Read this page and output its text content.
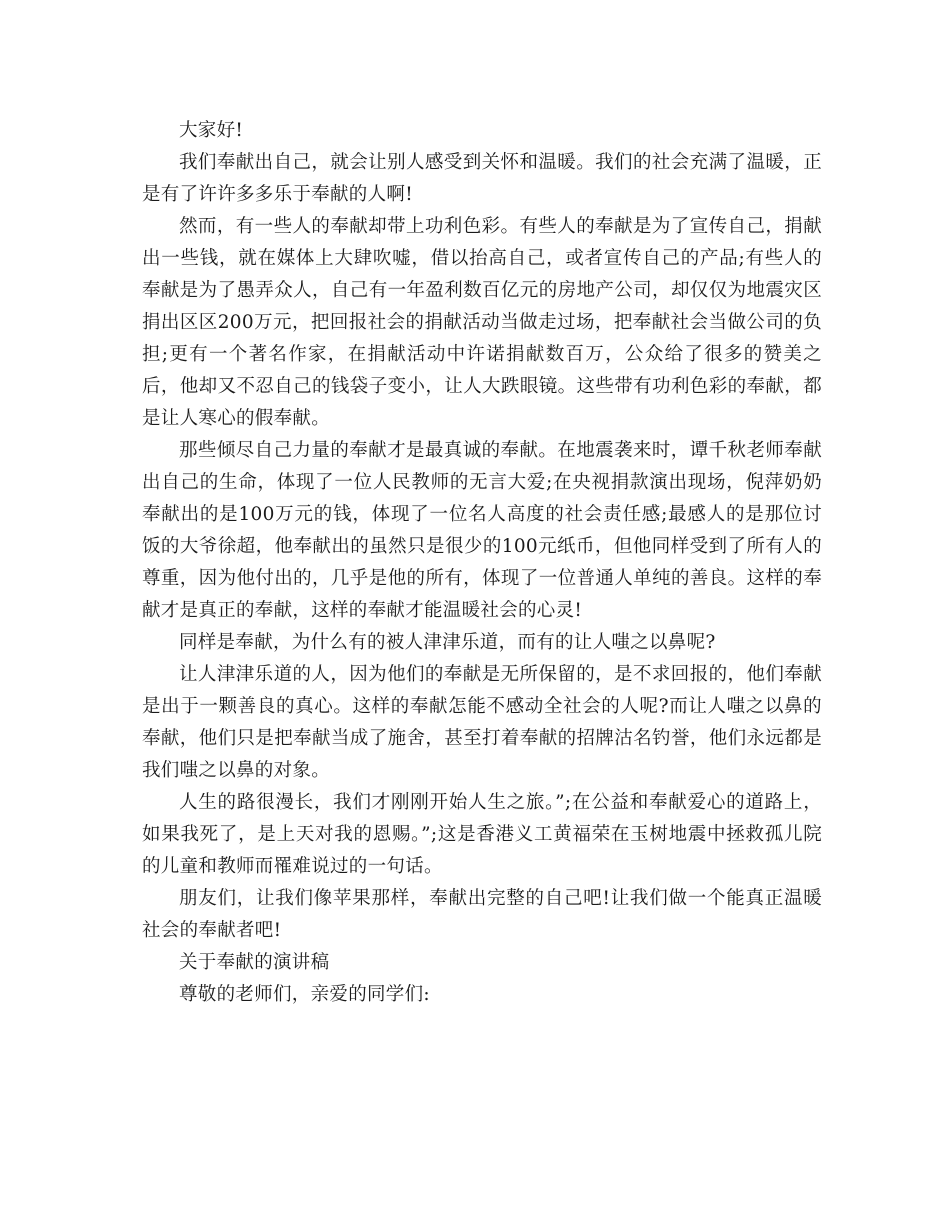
大家好!

我们奉献出自己，就会让别人感受到关怀和温暖。我们的社会充满了温暖，正是有了许许多多乐于奉献的人啊!

然而，有一些人的奉献却带上功利色彩。有些人的奉献是为了宣传自己，捐献出一些钱，就在媒体上大肆吹嘘，借以抬高自己，或者宣传自己的产品;有些人的奉献是为了愚弄众人，自己有一年盈利数百亿元的房地产公司，却仅仅为地震灾区捐出区区200万元，把回报社会的捐献活动当做走过场，把奉献社会当做公司的负担;更有一个著名作家，在捐献活动中许诺捐献数百万，公众给了很多的赞美之后，他却又不忍自己的钱袋子变小，让人大跌眼镜。这些带有功利色彩的奉献，都是让人寒心的假奉献。

那些倾尽自己力量的奉献才是最真诚的奉献。在地震袭来时，谭千秋老师奉献出自己的生命，体现了一位人民教师的无言大爱;在央视捐款演出现场，倪萍奶奶奉献出的是100万元的钱，体现了一位名人高度的社会责任感;最感人的是那位讨饭的大爷徐超，他奉献出的虽然只是很少的100元纸币，但他同样受到了所有人的尊重，因为他付出的，几乎是他的所有，体现了一位普通人单纯的善良。这样的奉献才是真正的奉献，这样的奉献才能温暖社会的心灵!

同样是奉献，为什么有的被人津津乐道，而有的让人嗤之以鼻呢?

让人津津乐道的人，因为他们的奉献是无所保留的，是不求回报的，他们奉献是出于一颗善良的真心。这样的奉献怎能不感动全社会的人呢?而让人嗤之以鼻的奉献，他们只是把奉献当成了施舍，甚至打着奉献的招牌沽名钓誉，他们永远都是我们嗤之以鼻的对象。

人生的路很漫长，我们才刚刚开始人生之旅。”;在公益和奉献爱心的道路上，如果我死了，是上天对我的恩赐。”;这是香港义工黄福荣在玉树地震中拯救孤儿院的儿童和教师而罹难说过的一句话。

朋友们，让我们像苹果那样，奉献出完整的自己吧!让我们做一个能真正温暖社会的奉献者吧!

关于奉献的演讲稿

尊敬的老师们，亲爱的同学们:
